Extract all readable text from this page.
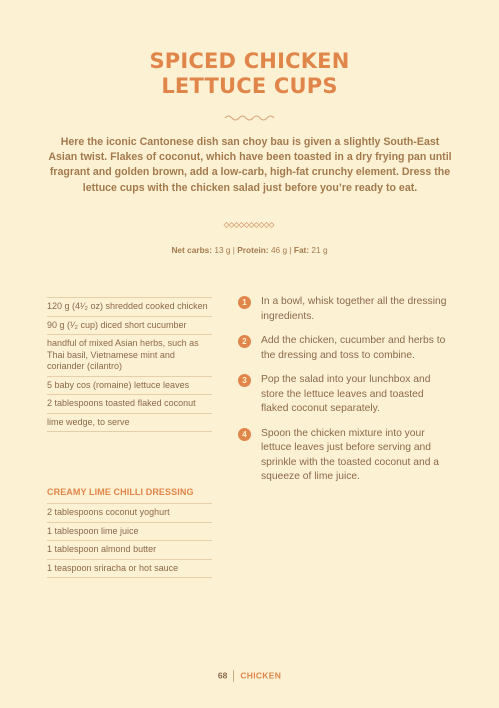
SPICED CHICKEN
LETTUCE CUPS
Here the iconic Cantonese dish san choy bau is given a slightly South-East Asian twist. Flakes of coconut, which have been toasted in a dry frying pan until fragrant and golden brown, add a low-carb, high-fat crunchy element. Dress the lettuce cups with the chicken salad just before you’re ready to eat.
Net carbs: 13 g | Protein: 46 g | Fat: 21 g
120 g (4¹⁄₂ oz) shredded cooked chicken
90 g (¹⁄₂ cup) diced short cucumber
handful of mixed Asian herbs, such as Thai basil, Vietnamese mint and coriander (cilantro)
5 baby cos (romaine) lettuce leaves
2 tablespoons toasted flaked coconut
lime wedge, to serve
CREAMY LIME CHILLI DRESSING
2 tablespoons coconut yoghurt
1 tablespoon lime juice
1 tablespoon almond butter
1 teaspoon sriracha or hot sauce
1	In a bowl, whisk together all the dressing ingredients.
2	Add the chicken, cucumber and herbs to the dressing and toss to combine.
3	Pop the salad into your lunchbox and store the lettuce leaves and toasted flaked coconut separately.
4	Spoon the chicken mixture into your lettuce leaves just before serving and sprinkle with the toasted coconut and a squeeze of lime juice.
68 CHICKEN
